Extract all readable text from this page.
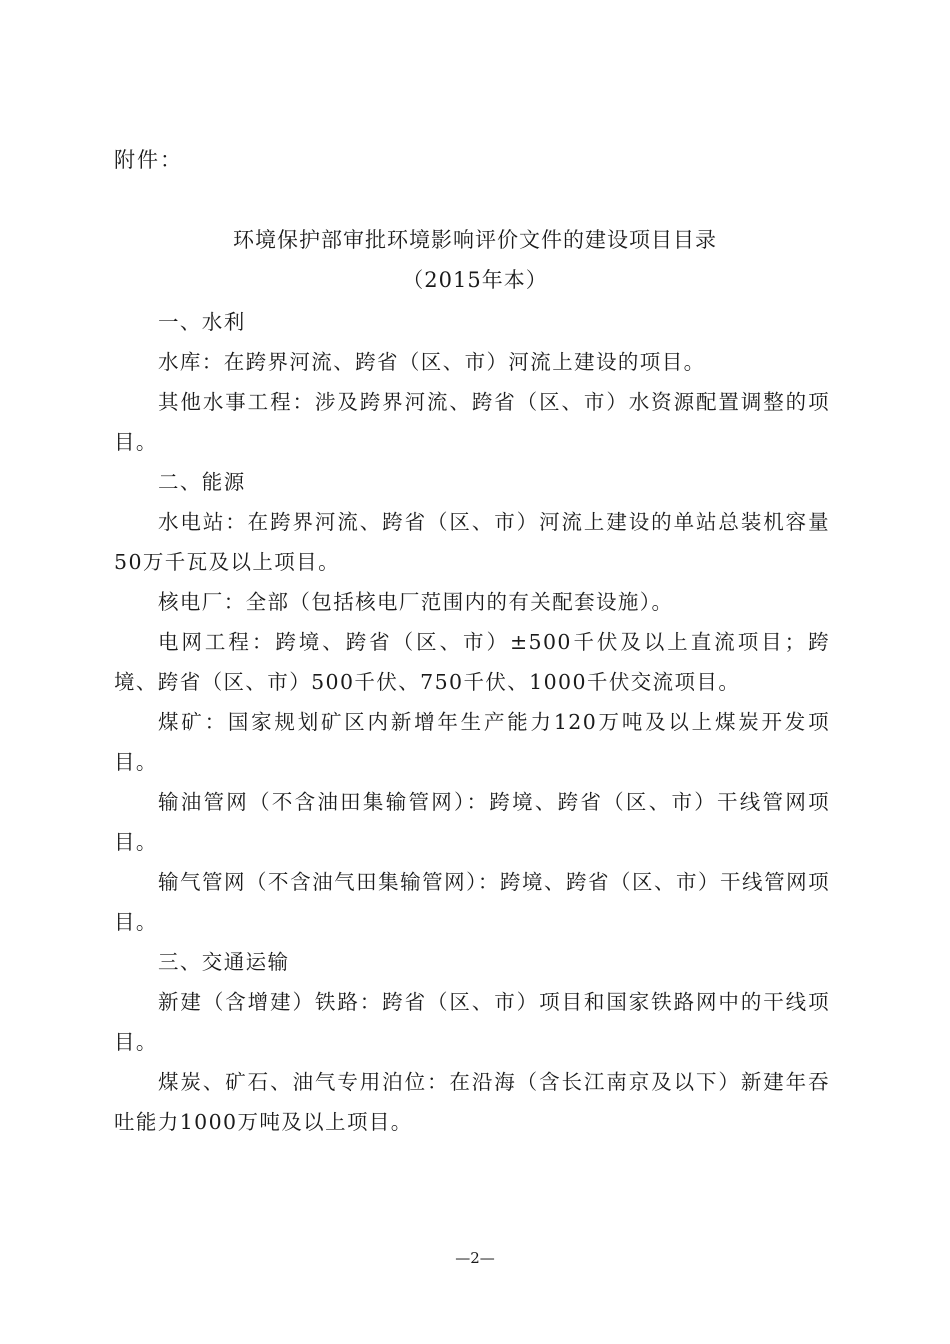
附件：
环境保护部审批环境影响评价文件的建设项目目录
（2015年本）

一、水利

水库：在跨界河流、跨省（区、市）河流上建设的项目。

其他水事工程：涉及跨界河流、跨省（区、市）水资源配置调整的项目。

二、能源

水电站：在跨界河流、跨省（区、市）河流上建设的单站总装机容量50万千瓦及以上项目。

核电厂：全部（包括核电厂范围内的有关配套设施）。

电网工程：跨境、跨省（区、市）±500千伏及以上直流项目；跨境、跨省（区、市）500千伏、750千伏、1000千伏交流项目。

煤矿：国家规划矿区内新增年生产能力120万吨及以上煤炭开发项目。

输油管网（不含油田集输管网）：跨境、跨省（区、市）干线管网项目。

输气管网（不含油气田集输管网）：跨境、跨省（区、市）干线管网项目。

三、交通运输

新建（含增建）铁路：跨省（区、市）项目和国家铁路网中的干线项目。

煤炭、矿石、油气专用泊位：在沿海（含长江南京及以下）新建年吞吐能力1000万吨及以上项目。

—2—
